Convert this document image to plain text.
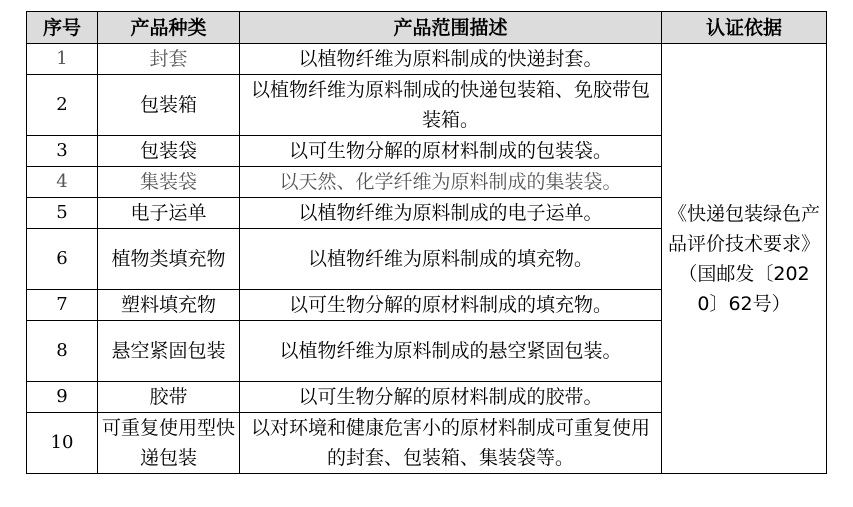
序号	产品种类	产品范围描述	认证依据
1	封套	以植物纤维为原料制成的快递封套。	《快递包装绿色产品评价技术要求》（国邮发〔2020〕62号）
2	包装箱	以植物纤维为原料制成的快递包装箱、免胶带包装箱。	
3	包装袋	以可生物分解的原材料制成的包装袋。	
4	集装袋	以天然、化学纤维为原料制成的集装袋。	
5	电子运单	以植物纤维为原料制成的电子运单。	
6	植物类填充物	以植物纤维为原料制成的填充物。	
7	塑料填充物	以可生物分解的原材料制成的填充物。	
8	悬空紧固包装	以植物纤维为原料制成的悬空紧固包装。	
9	胶带	以可生物分解的原材料制成的胶带。	
10	可重复使用型快递包装	以对环境和健康危害小的原材料制成可重复使用的封套、包装箱、集装袋等。	
